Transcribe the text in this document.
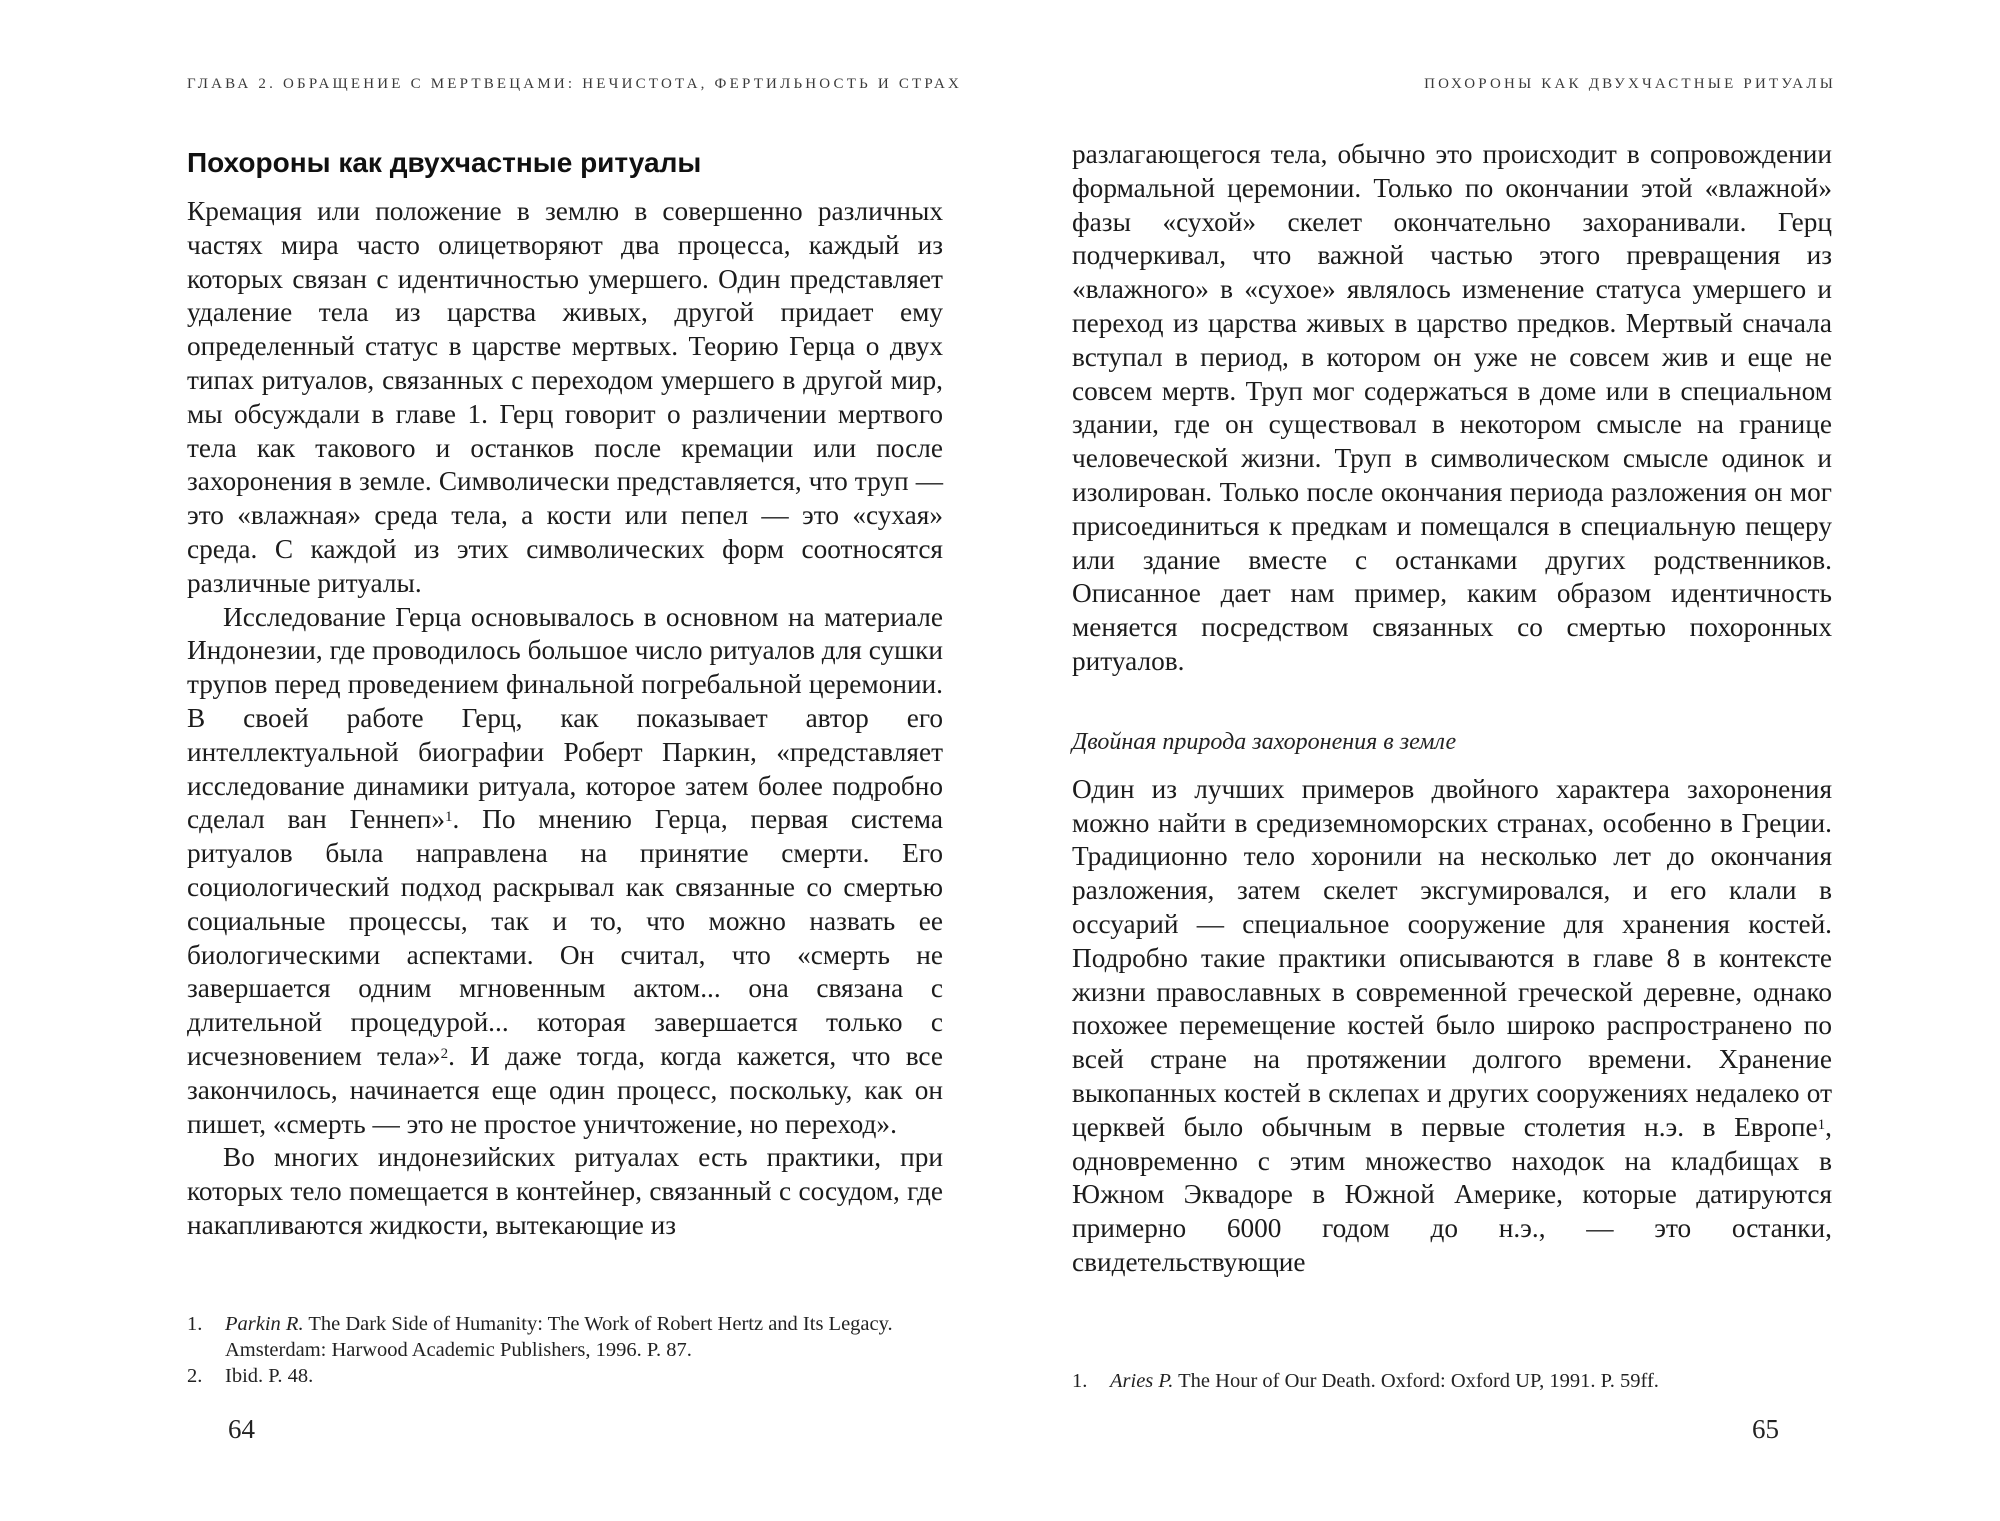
ГЛАВА 2. ОБРАЩЕНИЕ С МЕРТВЕЦАМИ: НЕЧИСТОТА, ФЕРТИЛЬНОСТЬ И СТРАХ
Похороны как двухчастные ритуалы

Кремация или положение в землю в совершенно различных частях мира часто олицетворяют два процесса, каждый из которых связан с идентичностью умершего. Один представляет удаление тела из царства живых, другой придает ему определенный статус в царстве мертвых. Теорию Герца о двух типах ритуалов, связанных с переходом умершего в другой мир, мы обсуждали в главе 1. Герц говорит о различении мертвого тела как такового и останков после кремации или после захоронения в земле. Символически представляется, что труп — это «влажная» среда тела, а кости или пепел — это «сухая» среда. С каждой из этих символических форм соотносятся различные ритуалы.

Исследование Герца основывалось в основном на материале Индонезии, где проводилось большое число ритуалов для сушки трупов перед проведением финальной погребальной церемонии. В своей работе Герц, как показывает автор его интеллектуальной биографии Роберт Паркин, «представляет исследование динамики ритуала, которое затем более подробно сделал ван Геннеп»$^1$. По мнению Герца, первая система ритуалов была направлена на принятие смерти. Его социологический подход раскрывал как связанные со смертью социальные процессы, так и то, что можно назвать ее биологическими аспектами. Он считал, что «смерть не завершается одним мгновенным актом... она связана с длительной процедурой... которая завершается только с исчезновением тела»$^2$. И даже тогда, когда кажется, что все закончилось, начинается еще один процесс, поскольку, как он пишет, «смерть — это не простое уничтожение, но переход».

Во многих индонезийских ритуалах есть практики, при которых тело помещается в контейнер, связанный с сосудом, где накапливаются жидкости, вытекающие из

1. Parkin R. The Dark Side of Humanity: The Work of Robert Hertz and Its Legacy. Amsterdam: Harwood Academic Publishers, 1996. P. 87.
2. Ibid. P. 48.
64
ПОХОРОНЫ КАК ДВУХЧАСТНЫЕ РИТУАЛЫ

разлагающегося тела, обычно это происходит в сопровождении формальной церемонии. Только по окончании этой «влажной» фазы «сухой» скелет окончательно захоранивали. Герц подчеркивал, что важной частью этого превращения из «влажного» в «сухое» являлось изменение статуса умершего и переход из царства живых в царство предков. Мертвый сначала вступал в период, в котором он уже не совсем жив и еще не совсем мертв. Труп мог содержаться в доме или в специальном здании, где он существовал в некотором смысле на границе человеческой жизни. Труп в символическом смысле одинок и изолирован. Только после окончания периода разложения он мог присоединиться к предкам и помещался в специальную пещеру или здание вместе с останками других родственников. Описанное дает нам пример, каким образом идентичность меняется посредством связанных со смертью похоронных ритуалов.

Двойная природа захоронения в земле

Один из лучших примеров двойного характера захоронения можно найти в средиземноморских странах, особенно в Греции. Традиционно тело хоронили на несколько лет до окончания разложения, затем скелет эксгумировался, и его клали в оссуарий — специальное сооружение для хранения костей. Подробно такие практики описываются в главе 8 в контексте жизни православных в современной греческой деревне, однако похожее перемещение костей было широко распространено по всей стране на протяжении долгого времени. Хранение выкопанных костей в склепах и других сооружениях недалеко от церквей было обычным в первые столетия н.э. в Европе$^1$, одновременно с этим множество находок на кладбищах в Южном Эквадоре в Южной Америке, которые датируются примерно 6000 годом до н.э., — это останки, свидетельствующие

1. Aries P. The Hour of Our Death. Oxford: Oxford UP, 1991. P. 59ff.
65
